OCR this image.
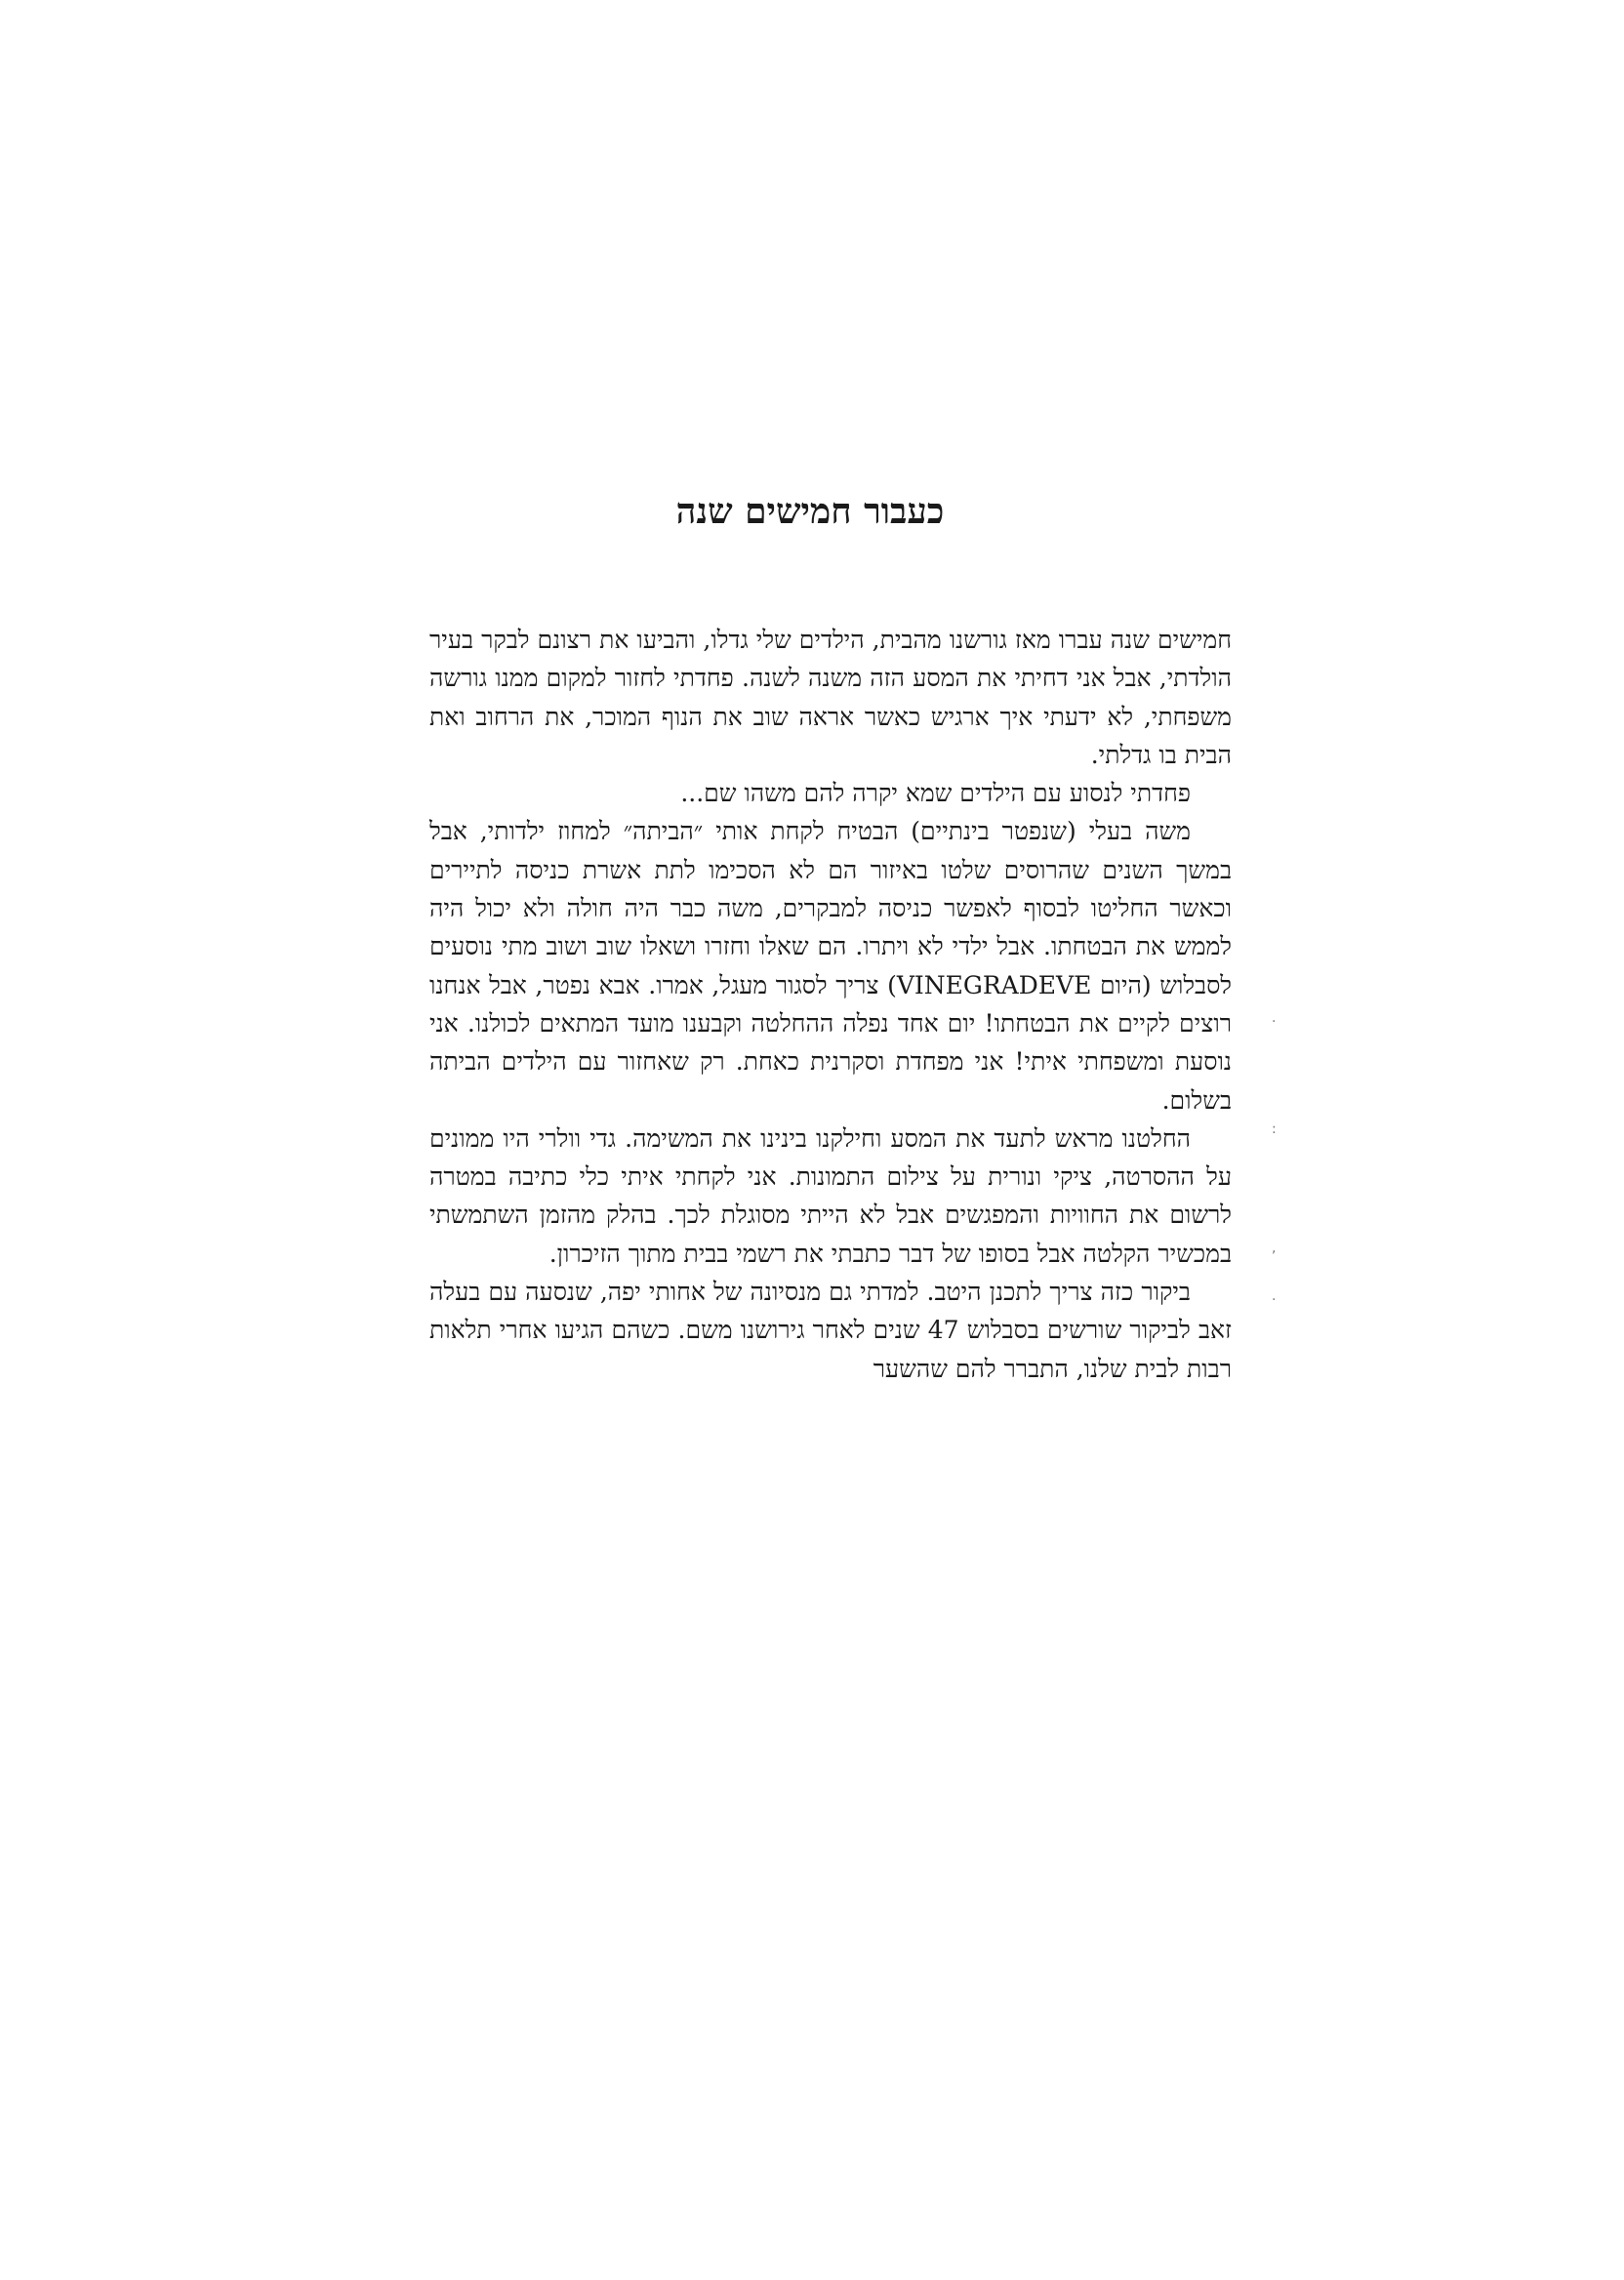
כעבור חמישים שנה

חמישים שנה עברו מאז גורשנו מהבית, הילדים שלי גדלו, והביעו את רצונם לבקר בעיר הולדתי, אבל אני דחיתי את המסע הזה משנה לשנה. פחדתי לחזור למקום ממנו גורשה משפחתי, לא ידעתי איך ארגיש כאשר אראה שוב את הנוף המוכר, את הרחוב ואת הבית בו גדלתי.

פחדתי לנסוע עם הילדים שמא יקרה להם משהו שם...

משה בעלי (שנפטר בינתיים) הבטיח לקחת אותי ״הביתה״ למחוז ילדותי, אבל במשך השנים שהרוסים שלטו באיזור הם לא הסכימו לתת אשרת כניסה לתיירים וכאשר החליטו לבסוף לאפשר כניסה למבקרים, משה כבר היה חולה ולא יכול היה לממש את הבטחתו. אבל ילדי לא ויתרו. הם שאלו וחזרו ושאלו שוב ושוב מתי נוסעים לסבלוש (היום VINEGRADEVE) צריך לסגור מעגל, אמרו. אבא נפטר, אבל אנחנו רוצים לקיים את הבטחתו! יום אחד נפלה ההחלטה וקבענו מועד המתאים לכולנו. אני נוסעת ומשפחתי איתי! אני מפחדת וסקרנית כאחת. רק שאחזור עם הילדים הביתה בשלום.

החלטנו מראש לתעד את המסע וחילקנו בינינו את המשימה. גדי וולרי היו ממונים על ההסרטה, ציקי ונורית על צילום התמונות. אני לקחתי איתי כלי כתיבה במטרה לרשום את החוויות והמפגשים אבל לא הייתי מסוגלת לכך. בהלק מהזמן השתמשתי במכשיר הקלטה אבל בסופו של דבר כתבתי את רשמי בבית מתוך הזיכרון.

ביקור כזה צריך לתכנן היטב. למדתי גם מנסיונה של אחותי יפה, שנסעה עם בעלה זאב לביקור שורשים בסבלוש 47 שנים לאחר גירושנו משם. כשהם הגיעו אחרי תלאות רבות לבית שלנו, התברר להם שהשער

·
:
,
·
